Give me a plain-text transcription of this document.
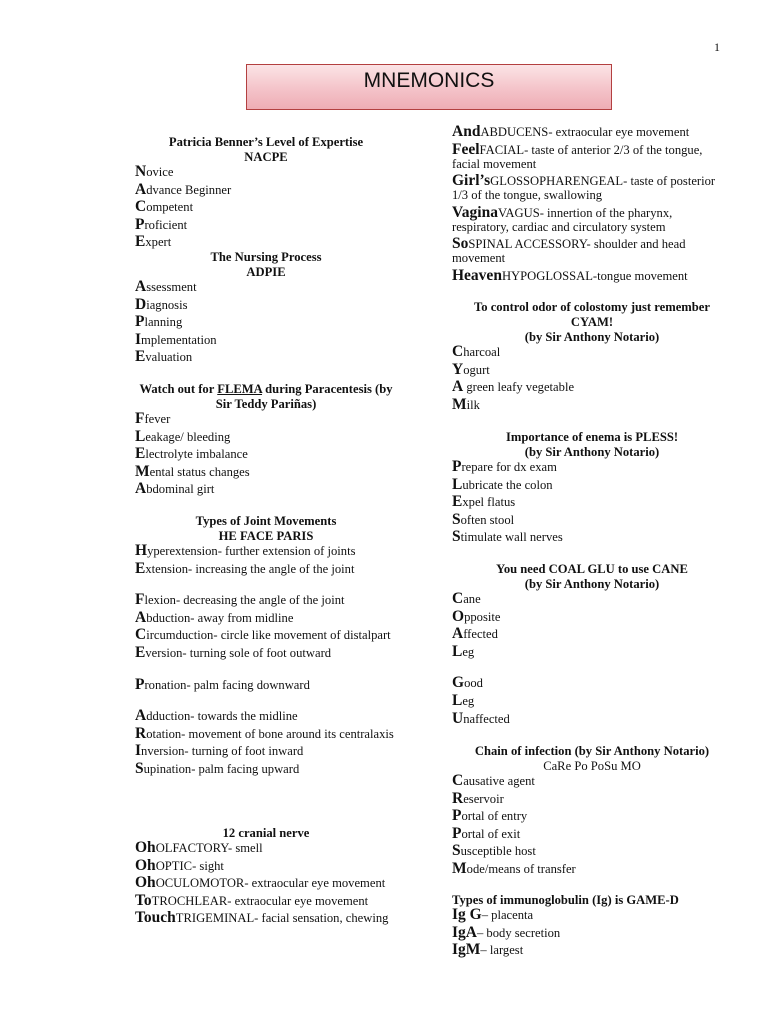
1
MNEMONICS
Patricia Benner’s Level of Expertise
NACPE
Novice
Advance Beginner
Competent
Proficient
Expert
The Nursing Process
ADPIE
Assessment
Diagnosis
Planning
Implementation
Evaluation
Watch out for FLEMA during Paracentesis (by Sir Teddy Pariñas)
Ffever
Leakage/ bleeding
Electrolyte imbalance
Mental status changes
Abdominal girt
Types of Joint Movements
HE FACE PARIS
Hyperextension- further extension of joints
Extension- increasing the angle of the joint
Flexion- decreasing the angle of the joint
Abduction- away from midline
Circumduction- circle like movement of distalpart
Eversion- turning sole of foot outward
Pronation- palm facing downward
Adduction- towards the midline
Rotation- movement of bone around its centralaxis
Inversion- turning of foot inward
Supination- palm facing upward
12 cranial nerve
OhOLFACTORY- smell
OhOPTIC- sight
OhOCULOMOTOR- extraocular eye movement
ToTROCHLEAR- extraocular eye movement
TouchTRIGEMINAL- facial sensation, chewing
AndABDUCENS- extraocular eye movement
FeelFACIAL- taste of anterior 2/3 of the tongue, facial movement
Girl’sGLOSSOPHARENGEAL- taste of posterior 1/3 of the tongue, swallowing
VaginaVAGUS- innertion of the pharynx, respiratory, cardiac and circulatory system
SoSPINAL ACCESSORY- shoulder and head movement
HeavenHYPOGLOSSAL-tongue movement
To control odor of colostomy just remember CYAM!
(by Sir Anthony Notario)
Charcoal
Yogurt
A green leafy vegetable
Milk
Importance of enema is PLESS!
(by Sir Anthony Notario)
Prepare for dx exam
Lubricate the colon
Expel flatus
Soften stool
Stimulate wall nerves
You need COAL GLU to use CANE
(by Sir Anthony Notario)
Cane
Opposite
Affected
Leg
Good
Leg
Unaffected
Chain of infection (by Sir Anthony Notario)
CaRe Po PoSu MO
Causative agent
Reservoir
Portal of entry
Portal of exit
Susceptible host
Mode/means of transfer
Types of immunoglobulin (Ig) is GAME-D
Ig G– placenta
IgA– body secretion
IgM– largest
